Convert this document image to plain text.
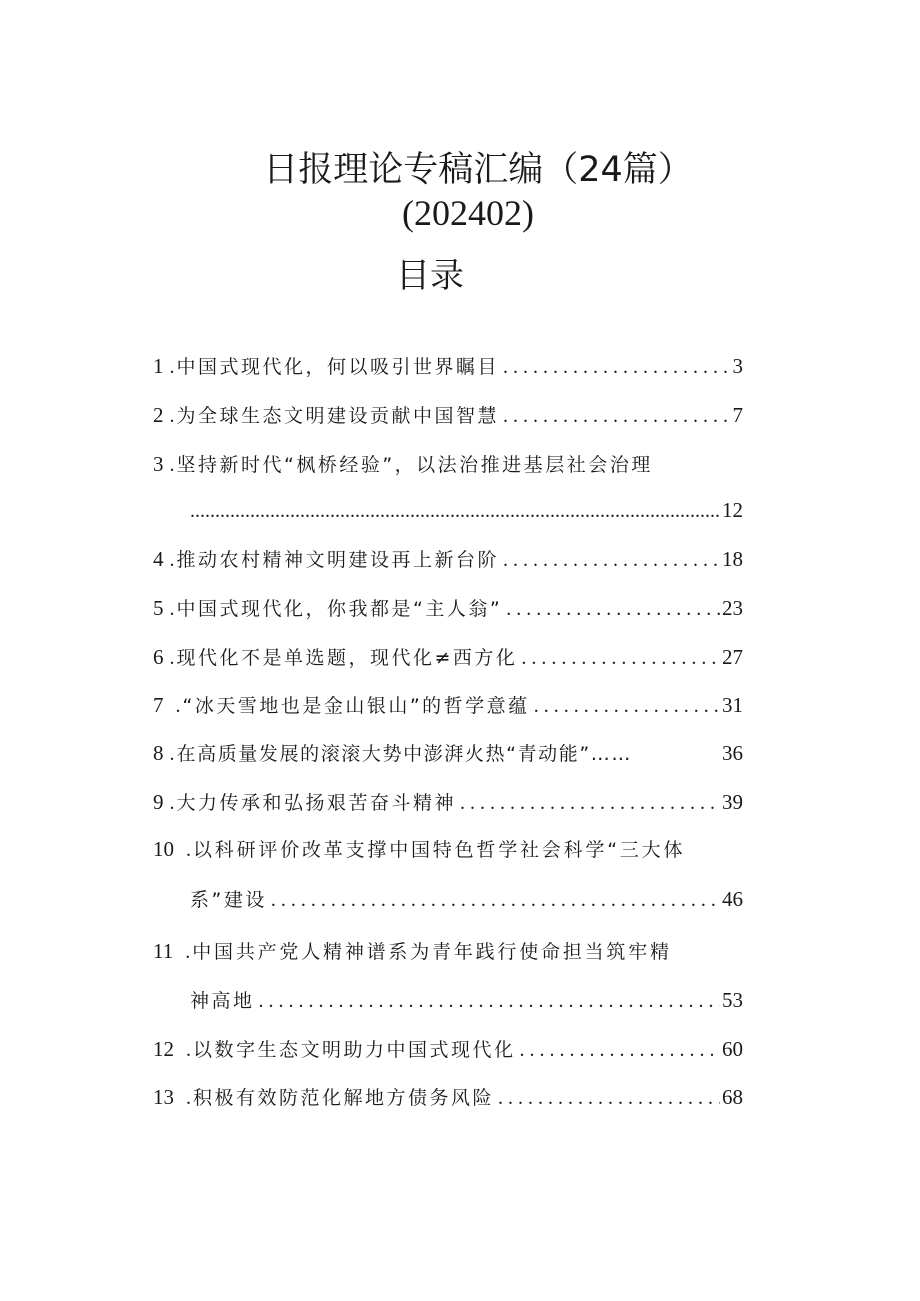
日报理论专稿汇编（24篇）
(202402)
目录
1 . 中国式现代化，何以吸引世界瞩目 . . .	3
2 . 为全球生态文明建设贡献中国智慧 . . .	7
3 . 坚持新时代“枫桥经验”，以法治推进基层社会治理
.....
12
4 . 推动农村精神文明建设再上新台阶 . . .	18
5 . 中国式现代化，你我都是“主人翁” . . .	23
6 . 现代化不是单选题，现代化≠西方化 . . .	27
7 . “冰天雪地也是金山银山”的哲学意蕴 . . .	31
8 . 在高质量发展的滚滚大势中澎湃火热“青动能”……	36
9 . 大力传承和弘扬艰苦奋斗精神 . . .	39
10 . 以科研评价改革支撑中国特色哲学社会科学“三大体
系”建设 . . .	46
11 . 中国共产党人精神谱系为青年践行使命担当筑牢精
神高地 . . .	53
12 . 以数字生态文明助力中国式现代化 . . .	60
13 . 积极有效防范化解地方债务风险 . . .	68
